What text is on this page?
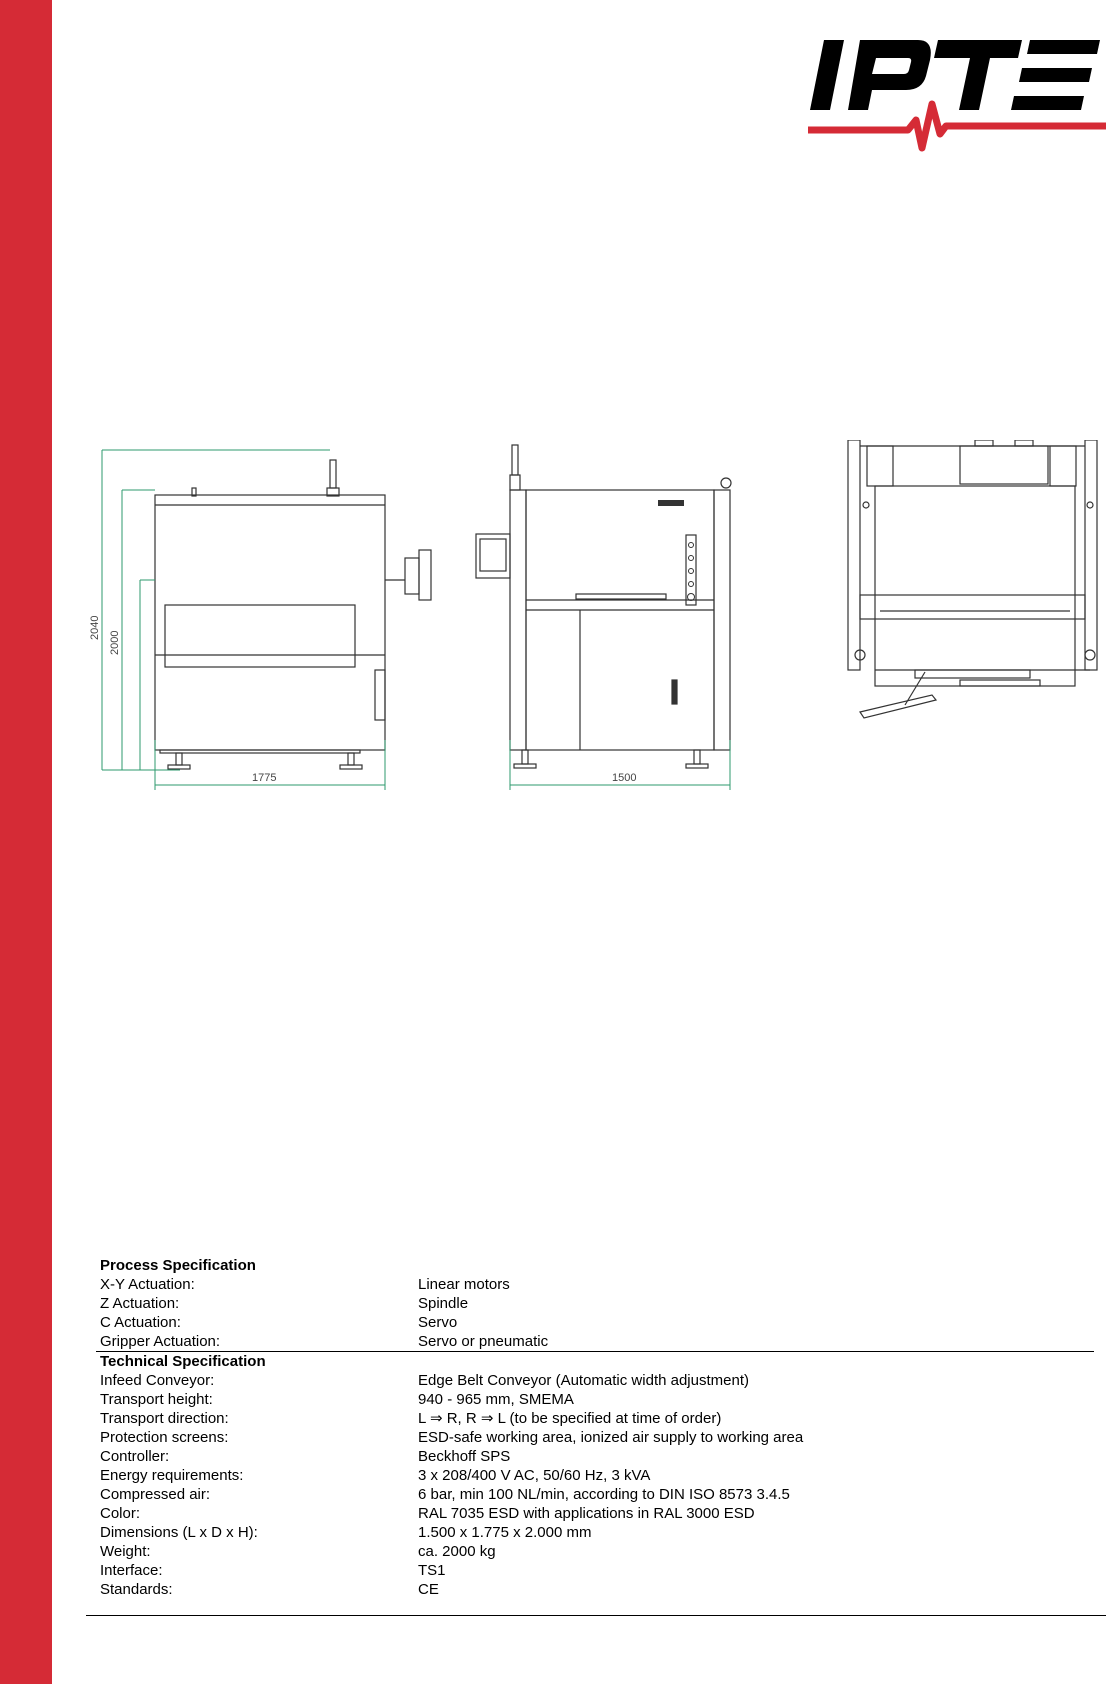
2040
2000
1775	1500
Process Specification	
X-Y Actuation:	Linear motors
Z Actuation:	Spindle
C Actuation:	Servo
Gripper Actuation:	Servo or pneumatic
Technical Specification	
Infeed Conveyor:	Edge Belt Conveyor (Automatic width adjustment)
Transport height:	940 - 965 mm, SMEMA
Transport direction:	L ⇒ R, R ⇒ L (to be specified at time of order)
Protection screens:	ESD-safe working area, ionized air supply to working area
Controller:	Beckhoff SPS
Energy requirements:	3 x 208/400 V AC, 50/60 Hz, 3 kVA
Compressed air:	6 bar, min 100 NL/min, according to DIN ISO 8573 3.4.5
Color:	RAL 7035 ESD with applications in RAL 3000 ESD
Dimensions (L x D x H):	1.500 x 1.775 x 2.000 mm
Weight:	ca. 2000 kg
Interface:	TS1
Standards:	CE
